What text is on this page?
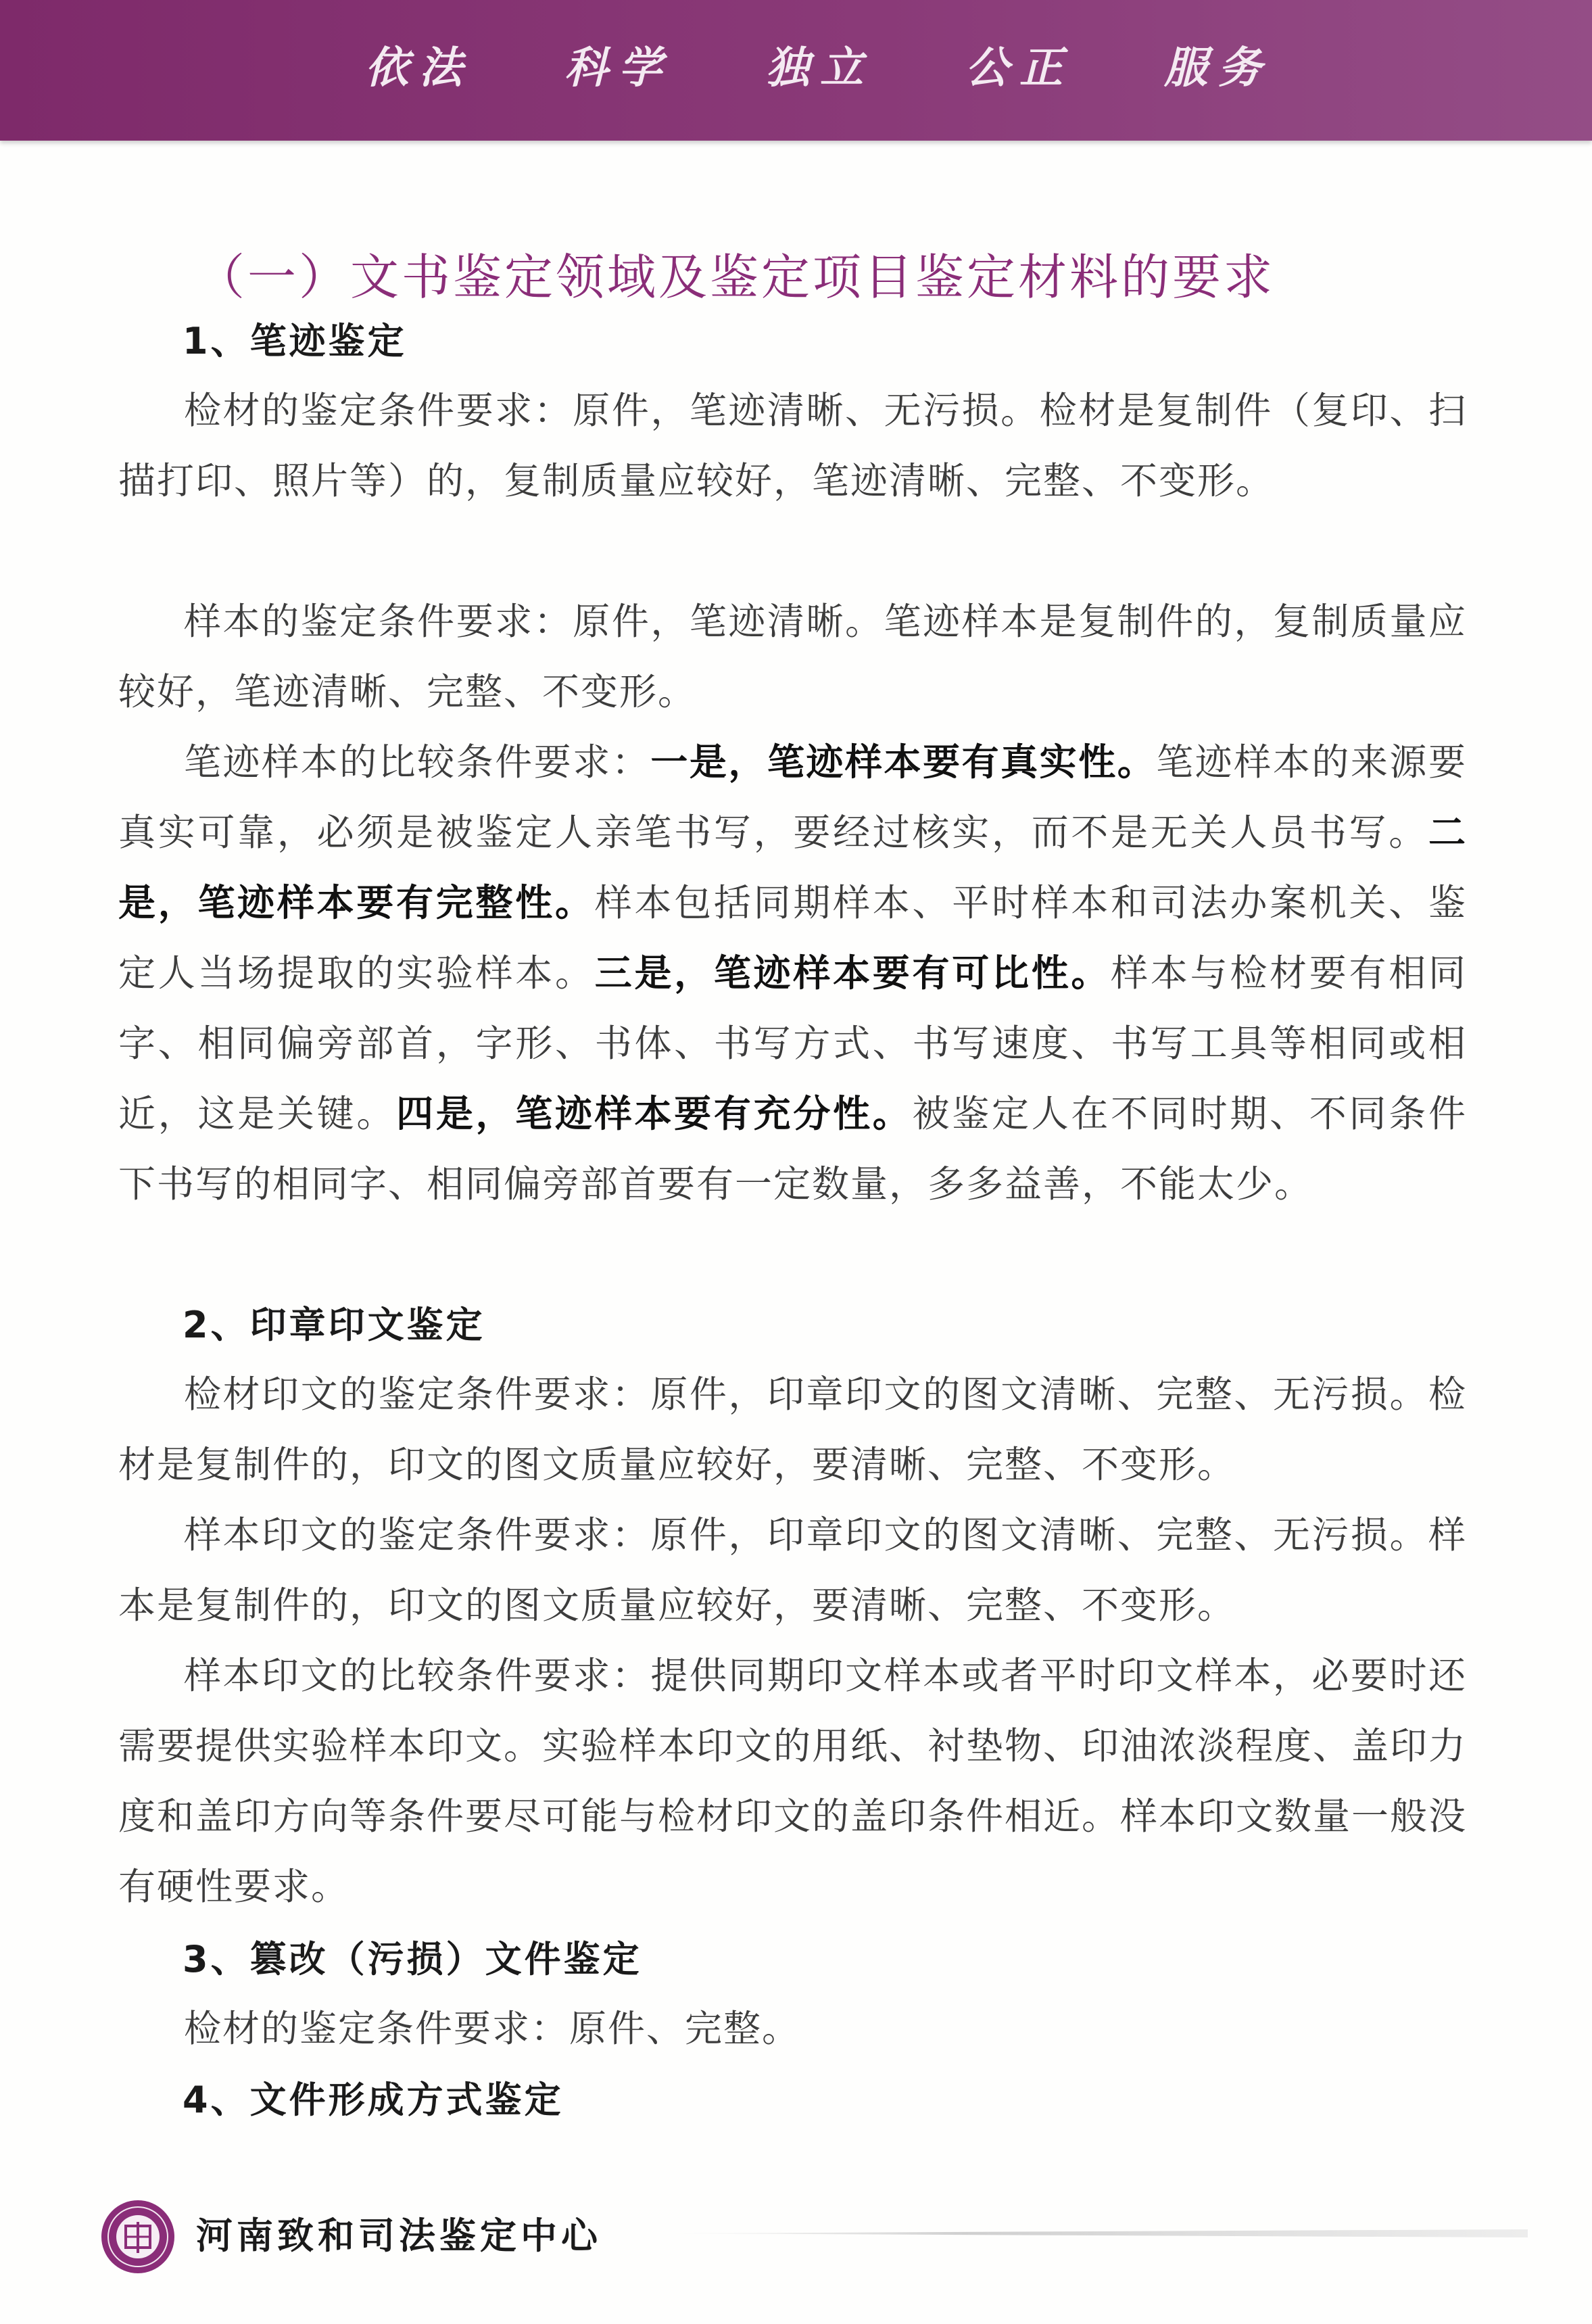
依法 科学 独立 公正 服务
（一）文书鉴定领域及鉴定项目鉴定材料的要求
1、笔迹鉴定

检材的鉴定条件要求：原件，笔迹清晰、无污损。检材是复制件（复印、扫描打印、照片等）的，复制质量应较好，笔迹清晰、完整、不变形。

样本的鉴定条件要求：原件，笔迹清晰。笔迹样本是复制件的，复制质量应较好，笔迹清晰、完整、不变形。

笔迹样本的比较条件要求：一是，笔迹样本要有真实性。笔迹样本的来源要真实可靠，必须是被鉴定人亲笔书写，要经过核实，而不是无关人员书写。二是，笔迹样本要有完整性。样本包括同期样本、平时样本和司法办案机关、鉴定人当场提取的实验样本。三是，笔迹样本要有可比性。样本与检材要有相同字、相同偏旁部首，字形、书体、书写方式、书写速度、书写工具等相同或相近，这是关键。四是，笔迹样本要有充分性。被鉴定人在不同时期、不同条件下书写的相同字、相同偏旁部首要有一定数量，多多益善，不能太少。

2、印章印文鉴定

检材印文的鉴定条件要求：原件，印章印文的图文清晰、完整、无污损。检材是复制件的，印文的图文质量应较好，要清晰、完整、不变形。

样本印文的鉴定条件要求：原件，印章印文的图文清晰、完整、无污损。样本是复制件的，印文的图文质量应较好，要清晰、完整、不变形。

样本印文的比较条件要求：提供同期印文样本或者平时印文样本，必要时还需要提供实验样本印文。实验样本印文的用纸、衬垫物、印油浓淡程度、盖印力度和盖印方向等条件要尽可能与检材印文的盖印条件相近。样本印文数量一般没有硬性要求。

3、篡改（污损）文件鉴定

检材的鉴定条件要求：原件、完整。

4、文件形成方式鉴定
河南致和司法鉴定中心
